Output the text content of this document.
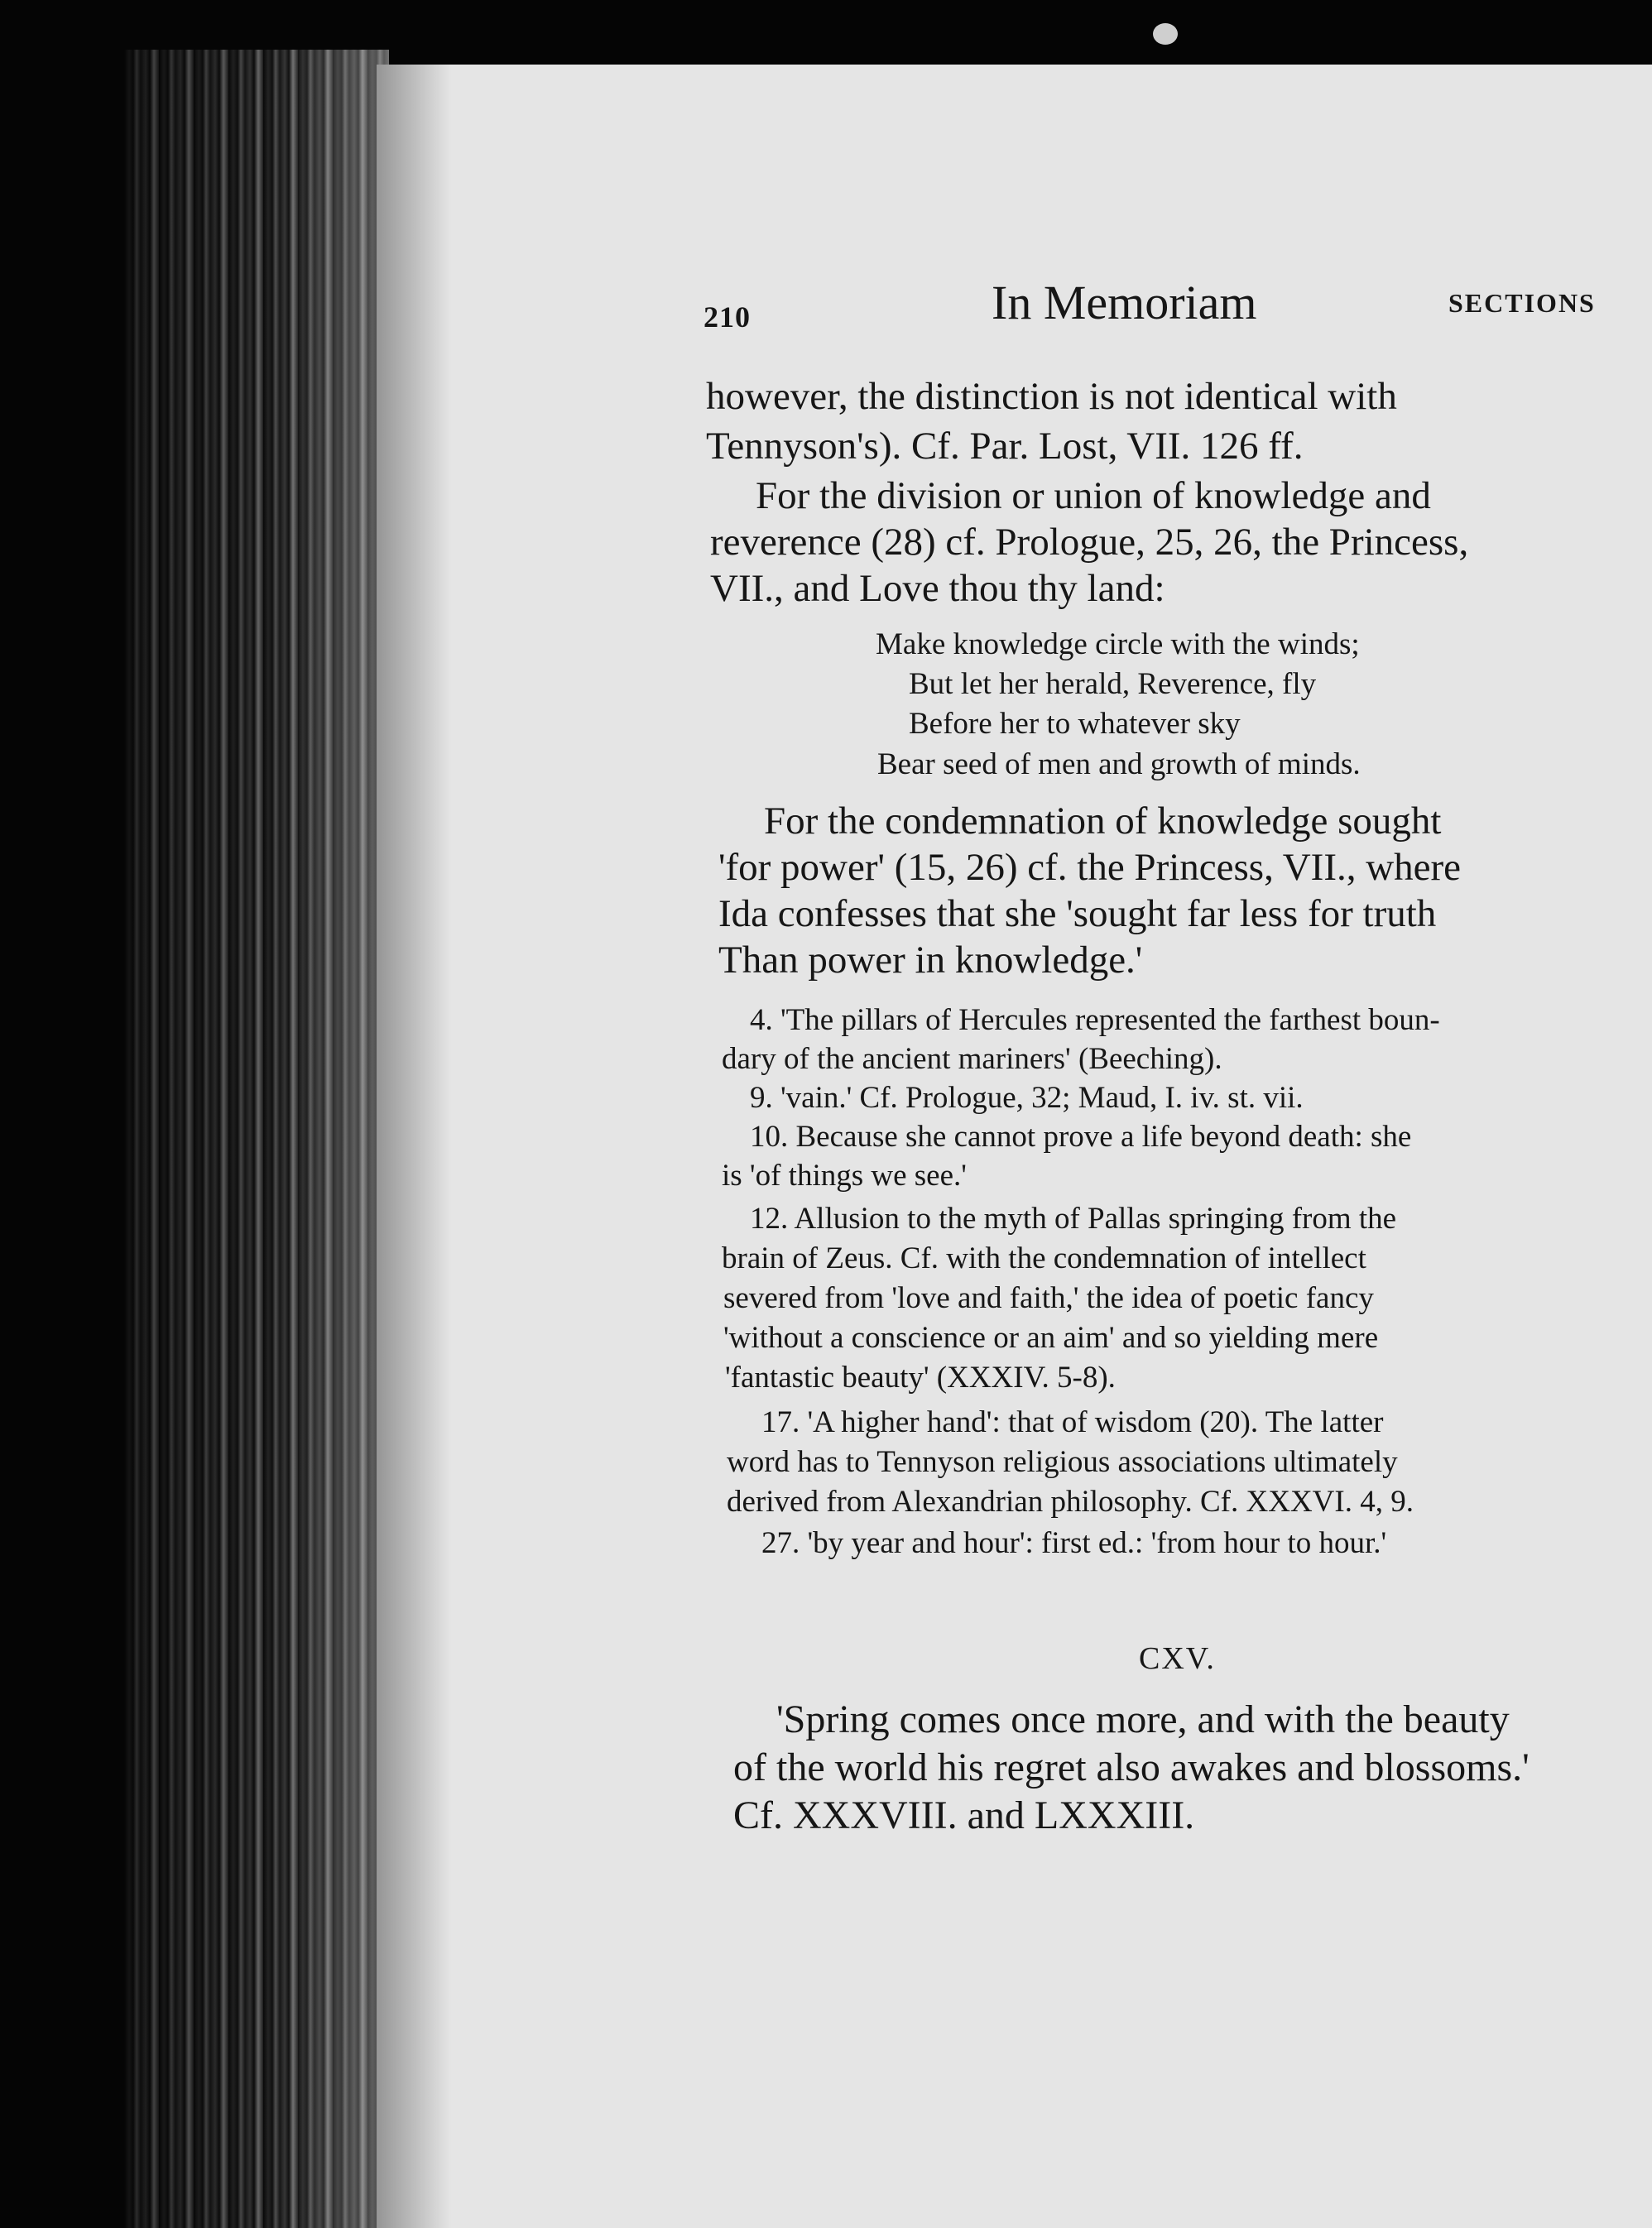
210	In Memoriam	SECTIONS
however, the distinction is not identical with
Tennyson's). Cf. Par. Lost, VII. 126 ff.
For the division or union of knowledge and
reverence (28) cf. Prologue, 25, 26, the Princess,
VII., and Love thou thy land:
Make knowledge circle with the winds;
But let her herald, Reverence, fly
Before her to whatever sky
Bear seed of men and growth of minds.
For the condemnation of knowledge sought
'for power' (15, 26) cf. the Princess, VII., where
Ida confesses that she 'sought far less for truth
Than power in knowledge.'
4. 'The pillars of Hercules represented the farthest boun-
dary of the ancient mariners' (Beeching).
9. 'vain.' Cf. Prologue, 32; Maud, I. iv. st. vii.
10. Because she cannot prove a life beyond death: she
is 'of things we see.'
12. Allusion to the myth of Pallas springing from the
brain of Zeus. Cf. with the condemnation of intellect
severed from 'love and faith,' the idea of poetic fancy
'without a conscience or an aim' and so yielding mere
'fantastic beauty' (XXXIV. 5-8).
17. 'A higher hand': that of wisdom (20). The latter
word has to Tennyson religious associations ultimately
derived from Alexandrian philosophy. Cf. XXXVI. 4, 9.
27. 'by year and hour': first ed.: 'from hour to hour.'
CXV.
'Spring comes once more, and with the beauty
of the world his regret also awakes and blossoms.'
Cf. XXXVIII. and LXXXIII.
